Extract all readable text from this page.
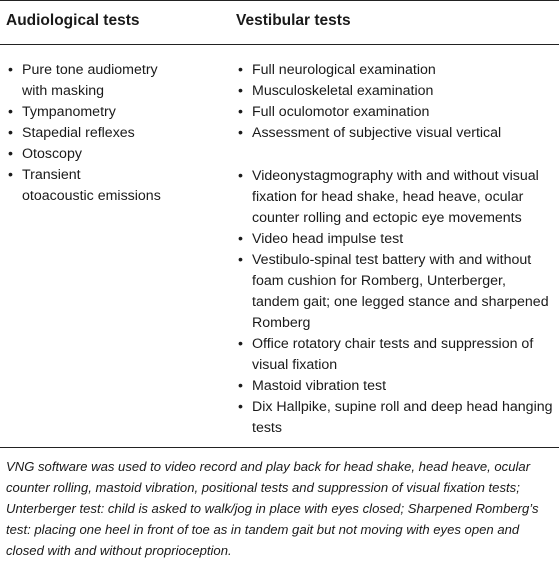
Audiological tests	Vestibular tests
• Pure tone audiometry
with masking
• Tympanometry
• Stapedial reflexes
• Otoscopy
• Transient
otoacoustic emissions
• Full neurological examination
• Musculoskeletal examination
• Full oculomotor examination
• Assessment of subjective visual vertical
• Videonystagmography with and without visual fixation for head shake, head heave, ocular counter rolling and ectopic eye movements
• Video head impulse test
• Vestibulo-spinal test battery with and without foam cushion for Romberg, Unterberger, tandem gait; one legged stance and sharpened Romberg
• Office rotatory chair tests and suppression of visual fixation
• Mastoid vibration test
• Dix Hallpike, supine roll and deep head hanging tests
VNG software was used to video record and play back for head shake, head heave, ocular counter rolling, mastoid vibration, positional tests and suppression of visual fixation tests; Unterberger test: child is asked to walk/jog in place with eyes closed; Sharpened Romberg’s test: placing one heel in front of toe as in tandem gait but not moving with eyes open and closed with and without proprioception.
